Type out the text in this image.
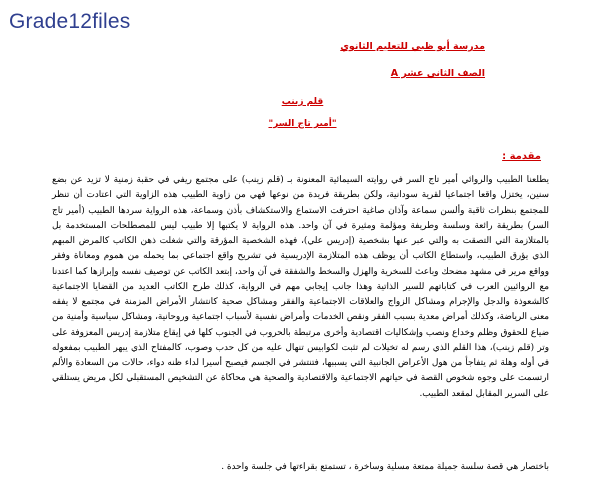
Grade12files
مدرسة أبو ظبي للتعليم الثانوي
الصف الثاني عشر A
قلم زينب
"أمير تاج السر"
مقدمة :

يطلعنا الطبيب والروائي أمير تاج السر في روايته السيمائية المعنونة بـ (قلم زينب) على مجتمع ريفي في حقبة زمنية لا تزيد عن بضع سنين، يختزل واقعا اجتماعيا لقرية سودانية، ولكن بطريقة فريدة من نوعها فهي من زاوية الطبيب هذه الزاوية التي اعتادت أن تنظر للمجتمع بنظرات ثاقبة وألسن سماعة وآذان صاغية احترفت الاستماع والاستكشاف بأذن وسماعة، هذه الرواية سردها الطبيب (أمير تاج السر) بطريقة رائعة وسلسة وطريفة ومؤلمة ومثيرة في آن واحد. هذه الرواية لا يكتبها إلا طبيب ليس للمصطلحات المستخدمة بل بالمتلازمة التي التصقت به والتي عبر عنها بشخصية (إدريس علي)، فهذه الشخصية المؤرقة والتي شغلت ذهن الكاتب كالمرض المبهم الذي يؤرق الطبيب، واستطاع الكاتب أن يوظف هذه المتلازمة الإدريسية في تشريح واقع اجتماعي بما يحمله من هموم ومعاناة وفقر وواقع مرير في مشهد مضحك وباعث للسخرية والهزل والسخط والشفقة في آن واحد، إبتعد الكاتب عن توصيف نفسه وإبرازها كما اعتدنا مع الروائيين العرب في كتاباتهم للسير الذاتية وهذا جانب إيجابي مهم في الرواية، كذلك طرح الكاتب العديد من القضايا الاجتماعية كالشعوذة والدجل والإجرام ومشاكل الزواج والعلاقات الاجتماعية والفقر ومشاكل صحية كانتشار الأمراض المزمنة في مجتمع لا يفقه معنى الرياضة، وكذلك أمراض معدية بسبب الفقر ونقص الخدمات وأمراض نفسية لأسباب اجتماعية وروحانية، ومشاكل سياسية وأمنية من ضياع للحقوق وظلم وخداع ونصب وإشكاليات اقتصادية وأخرى مرتبطة بالحروب في الجنوب كلها في إيقاع متلازمة إدريس المعزوفة على وتر (قلم زينب)، هذا القلم الذي رسم له تخيلات لم تثبت لكوابيس تنهال عليه من كل حدب وصوب، كالمفتاح الذي يبهر الطبيب بمفعوله في أوله وهلة ثم يتفاجأ من هول الأعراض الجانبية التي يسببها، فتنتشر في الجسم فيصبح أسيرا لداء ظنه دواء، حالات من السعادة والألم ارتسمت على وجوه شخوص القصة في حياتهم الاجتماعية والاقتصادية والصحية هي محاكاة عن التشخيص المستقبلي لكل مريض يستلقي على السرير المقابل لمقعد الطبيب.

باختصار هي قصة سلسة جميلة ممتعة مسلية وساخرة ، تستمتع بقراءتها في جلسة واحدة .
